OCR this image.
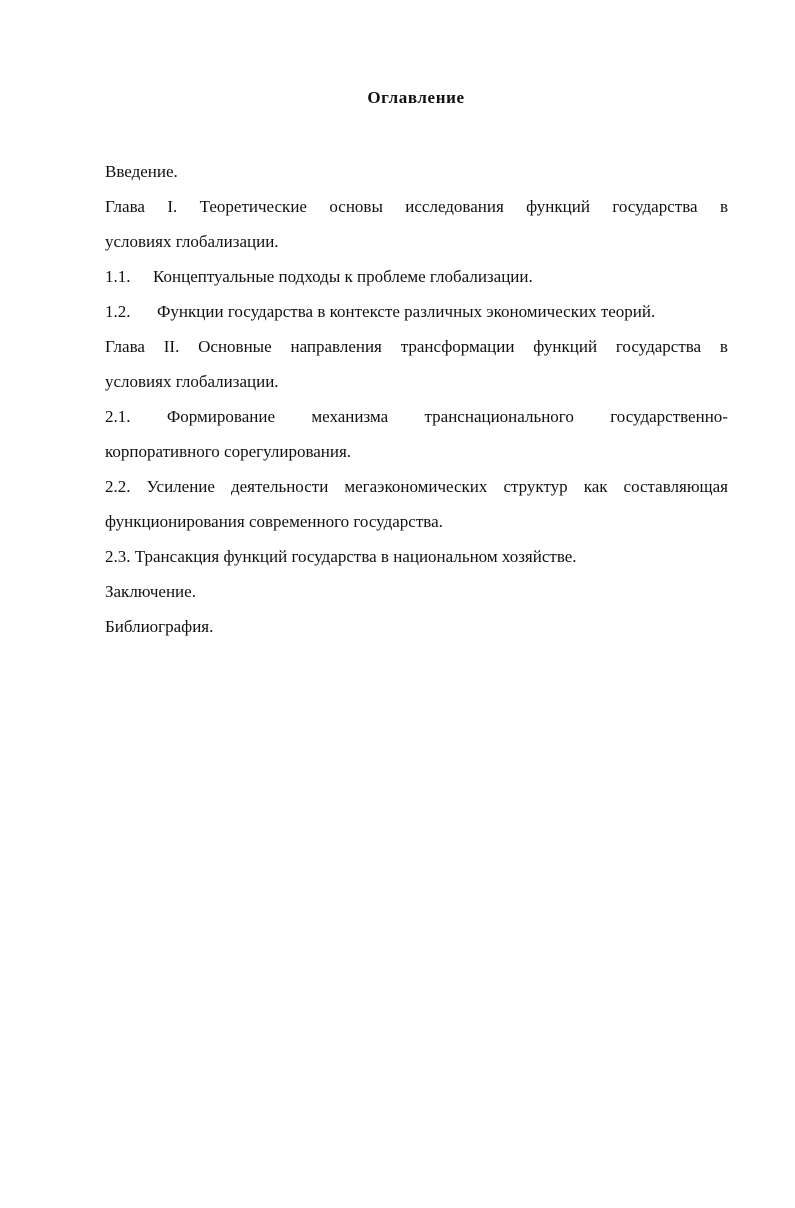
Оглавление

Введение.

Глава I. Теоретические основы исследования функций государства в

условиях глобализации.

1.1. Концептуальные подходы к проблеме глобализации.

1.2. Функции государства в контексте различных экономических теорий.

Глава II. Основные направления трансформации функций государства в

условиях глобализации.

2.1. Формирование механизма транснационального государственно-

корпоративного сорегулирования.

2.2. Усиление деятельности мегаэкономических структур как составляющая

функционирования современного государства.

2.3. Трансакция функций государства в национальном хозяйстве.

Заключение.

Библиография.
